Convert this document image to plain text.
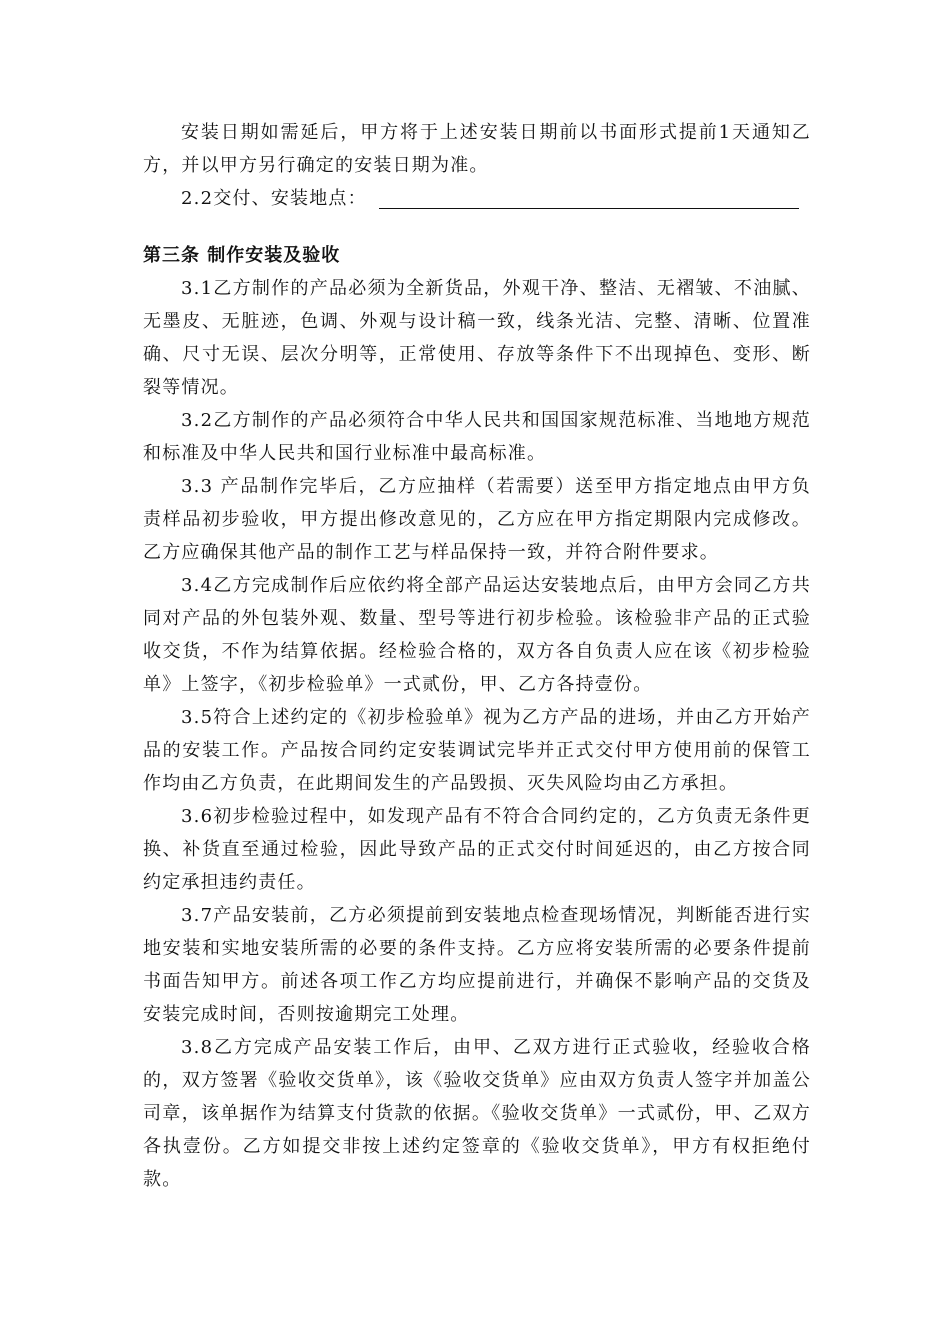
安装日期如需延后，甲方将于上述安装日期前以书面形式提前1天通知乙方，并以甲方另行确定的安装日期为准。

2.2交付、安装地点：

第三条 制作安装及验收

3.1乙方制作的产品必须为全新货品，外观干净、整洁、无褶皱、不油腻、无墨皮、无脏迹，色调、外观与设计稿一致，线条光洁、完整、清晰、位置准确、尺寸无误、层次分明等，正常使用、存放等条件下不出现掉色、变形、断裂等情况。

3.2乙方制作的产品必须符合中华人民共和国国家规范标准、当地地方规范和标准及中华人民共和国行业标准中最高标准。

3.3 产品制作完毕后，乙方应抽样（若需要）送至甲方指定地点由甲方负责样品初步验收，甲方提出修改意见的，乙方应在甲方指定期限内完成修改。乙方应确保其他产品的制作工艺与样品保持一致，并符合附件要求。

3.4乙方完成制作后应依约将全部产品运达安装地点后，由甲方会同乙方共同对产品的外包装外观、数量、型号等进行初步检验。该检验非产品的正式验收交货，不作为结算依据。经检验合格的，双方各自负责人应在该《初步检验单》上签字，《初步检验单》一式贰份，甲、乙方各持壹份。

3.5符合上述约定的《初步检验单》视为乙方产品的进场，并由乙方开始产品的安装工作。产品按合同约定安装调试完毕并正式交付甲方使用前的保管工作均由乙方负责，在此期间发生的产品毁损、灭失风险均由乙方承担。

3.6初步检验过程中，如发现产品有不符合合同约定的，乙方负责无条件更换、补货直至通过检验，因此导致产品的正式交付时间延迟的，由乙方按合同约定承担违约责任。

3.7产品安装前，乙方必须提前到安装地点检查现场情况，判断能否进行实地安装和实地安装所需的必要的条件支持。乙方应将安装所需的必要条件提前书面告知甲方。前述各项工作乙方均应提前进行，并确保不影响产品的交货及安装完成时间，否则按逾期完工处理。

3.8乙方完成产品安装工作后，由甲、乙双方进行正式验收，经验收合格的，双方签署《验收交货单》，该《验收交货单》应由双方负责人签字并加盖公司章，该单据作为结算支付货款的依据。《验收交货单》一式贰份，甲、乙双方各执壹份。乙方如提交非按上述约定签章的《验收交货单》，甲方有权拒绝付款。
